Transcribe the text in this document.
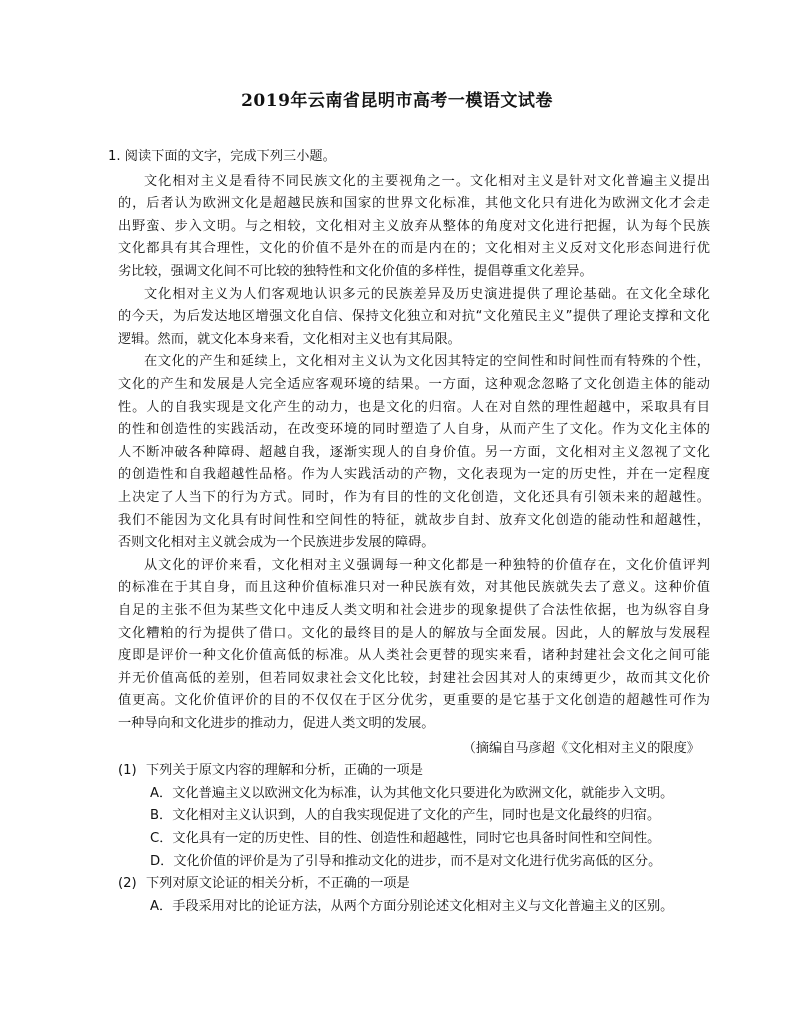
2019年云南省昆明市高考一模语文试卷
1. 阅读下面的文字，完成下列三小题。
文化相对主义是看待不同民族文化的主要视角之一。文化相对主义是针对文化普遍主义提出
的，后者认为欧洲文化是超越民族和国家的世界文化标准，其他文化只有进化为欧洲文化才会走
出野蛮、步入文明。与之相较，文化相对主义放弃从整体的角度对文化进行把握，认为每个民族
文化都具有其合理性，文化的价值不是外在的而是内在的；文化相对主义反对文化形态间进行优
劣比较，强调文化间不可比较的独特性和文化价值的多样性，提倡尊重文化差异。
文化相对主义为人们客观地认识多元的民族差异及历史演进提供了理论基础。在文化全球化
的今天，为后发达地区增强文化自信、保持文化独立和对抗“文化殖民主义”提供了理论支撑和文化
逻辑。然而，就文化本身来看，文化相对主义也有其局限。
在文化的产生和延续上，文化相对主义认为文化因其特定的空间性和时间性而有特殊的个性，
文化的产生和发展是人完全适应客观环境的结果。一方面，这种观念忽略了文化创造主体的能动
性。人的自我实现是文化产生的动力，也是文化的归宿。人在对自然的理性超越中，采取具有目
的性和创造性的实践活动，在改变环境的同时塑造了人自身，从而产生了文化。作为文化主体的
人不断冲破各种障碍、超越自我，逐渐实现人的自身价值。另一方面，文化相对主义忽视了文化
的创造性和自我超越性品格。作为人实践活动的产物，文化表现为一定的历史性，并在一定程度
上决定了人当下的行为方式。同时，作为有目的性的文化创造，文化还具有引领未来的超越性。
我们不能因为文化具有时间性和空间性的特征，就故步自封、放弃文化创造的能动性和超越性，
否则文化相对主义就会成为一个民族进步发展的障碍。
从文化的评价来看，文化相对主义强调每一种文化都是一种独特的价值存在，文化价值评判
的标准在于其自身，而且这种价值标准只对一种民族有效，对其他民族就失去了意义。这种价值
自足的主张不但为某些文化中违反人类文明和社会进步的现象提供了合法性依据，也为纵容自身
文化糟粕的行为提供了借口。文化的最终目的是人的解放与全面发展。因此，人的解放与发展程
度即是评价一种文化价值高低的标准。从人类社会更替的现实来看，诸种封建社会文化之间可能
并无价值高低的差别，但若同奴隶社会文化比较，封建社会因其对人的束缚更少，故而其文化价
值更高。文化价值评价的目的不仅仅在于区分优劣，更重要的是它基于文化创造的超越性可作为
一种导向和文化进步的推动力，促进人类文明的发展。
（摘编自马彦超《文化相对主义的限度》
(1) 下列关于原文内容的理解和分析，正确的一项是
A．文化普遍主义以欧洲文化为标准，认为其他文化只要进化为欧洲文化，就能步入文明。
B．文化相对主义认识到，人的自我实现促进了文化的产生，同时也是文化最终的归宿。
C．文化具有一定的历史性、目的性、创造性和超越性，同时它也具备时间性和空间性。
D．文化价值的评价是为了引导和推动文化的进步，而不是对文化进行优劣高低的区分。
(2) 下列对原文论证的相关分析，不正确的一项是
A．手段采用对比的论证方法，从两个方面分别论述文化相对主义与文化普遍主义的区别。
